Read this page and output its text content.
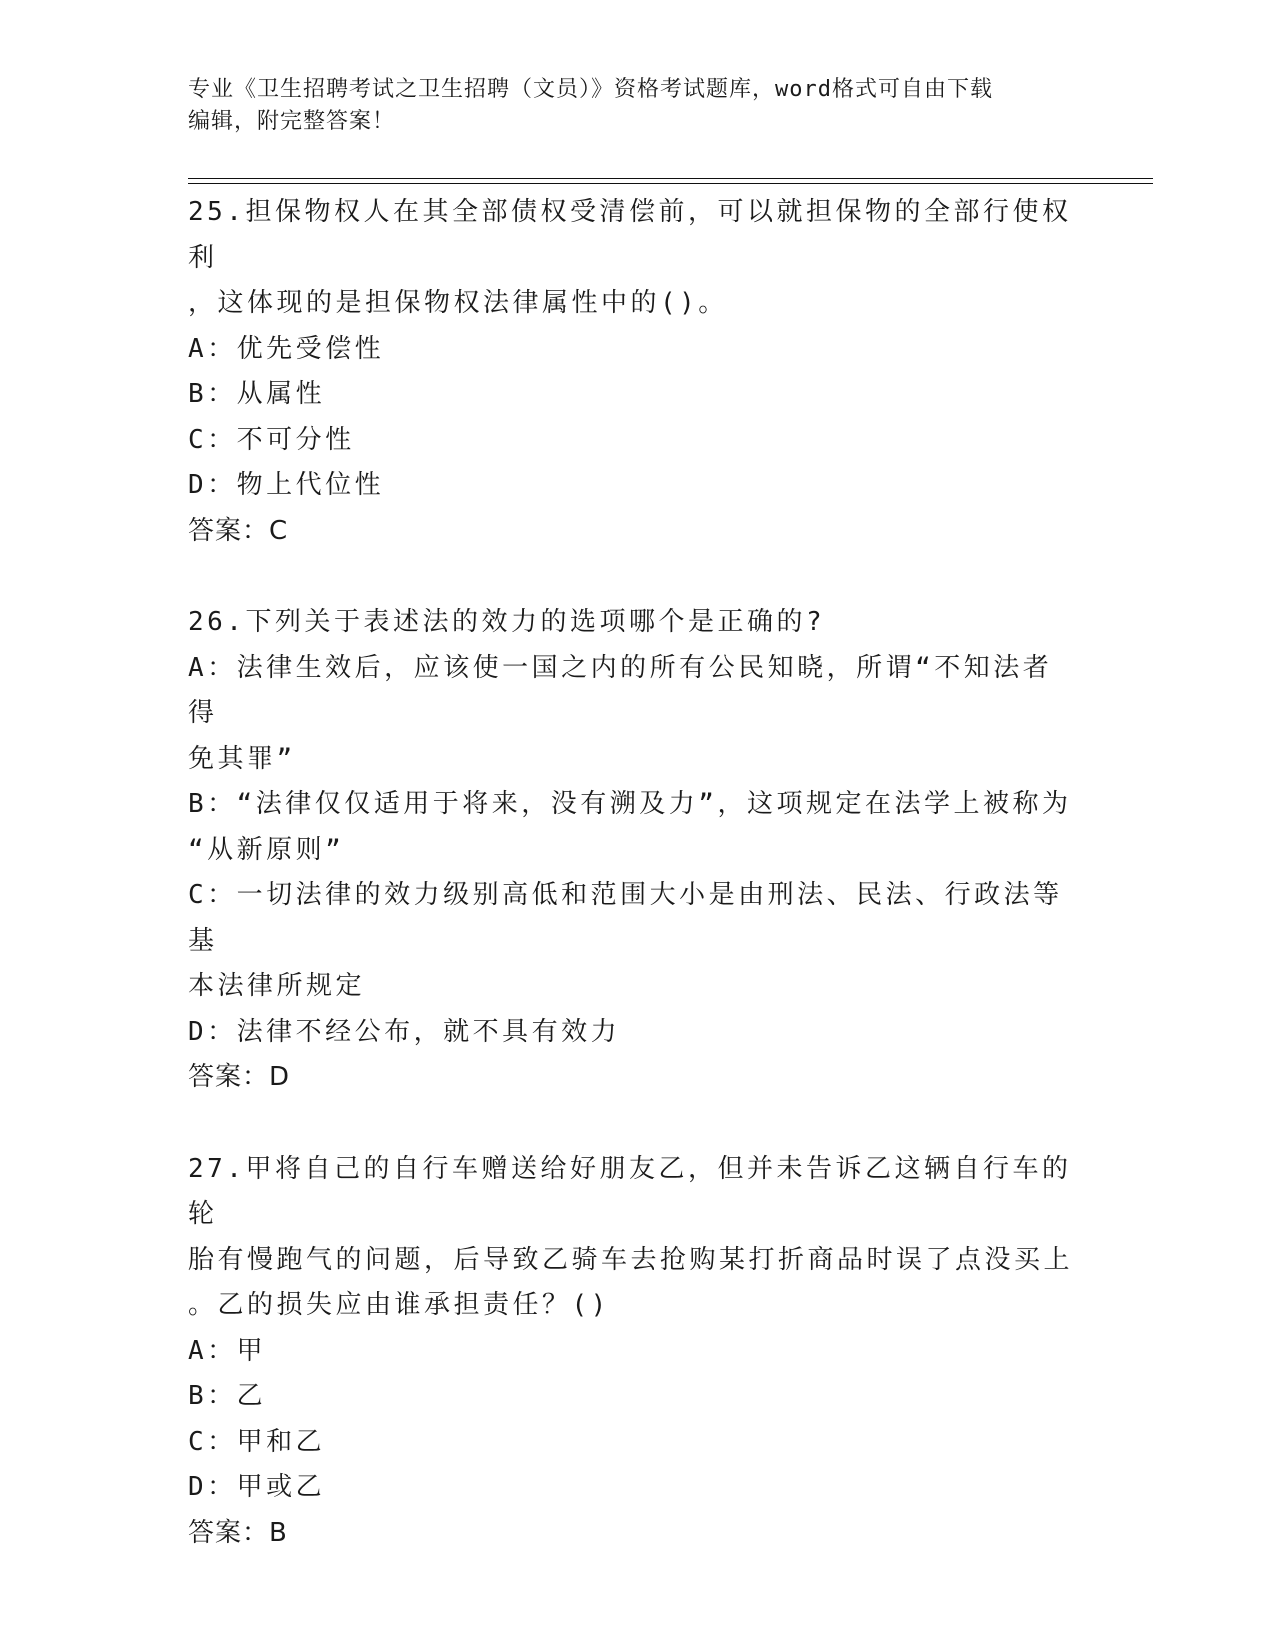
专业《卫生招聘考试之卫生招聘（文员）》资格考试题库，word格式可自由下载
编辑，附完整答案！
25.担保物权人在其全部债权受清偿前，可以就担保物的全部行使权利
，这体现的是担保物权法律属性中的()。
A：优先受偿性
B：从属性
C：不可分性
D：物上代位性
答案：C
26.下列关于表述法的效力的选项哪个是正确的?
A：法律生效后，应该使一国之内的所有公民知晓，所谓“不知法者得
免其罪”
B：“法律仅仅适用于将来，没有溯及力”，这项规定在法学上被称为
“从新原则”
C：一切法律的效力级别高低和范围大小是由刑法、民法、行政法等基
本法律所规定
D：法律不经公布，就不具有效力
答案：D
27.甲将自己的自行车赠送给好朋友乙，但并未告诉乙这辆自行车的轮
胎有慢跑气的问题，后导致乙骑车去抢购某打折商品时误了点没买上
。乙的损失应由谁承担责任？()
A：甲
B：乙
C：甲和乙
D：甲或乙
答案：B
